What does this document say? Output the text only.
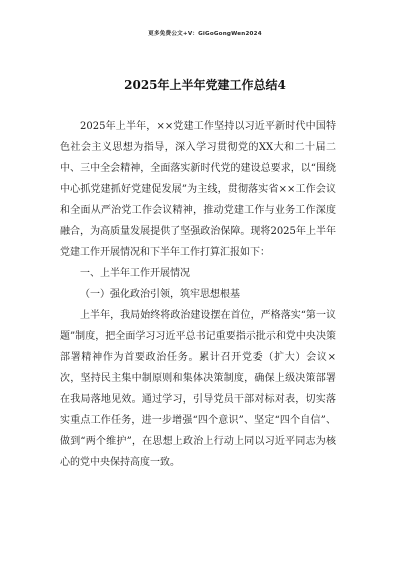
更多免费公文+V：GiGoGongWen2024
2025年上半年党建工作总结4

2025年上半年，××党建工作坚持以习近平新时代中国特色社会主义思想为指导，深入学习贯彻党的XX大和二十届二中、三中全会精神，全面落实新时代党的建设总要求，以“围绕中心抓党建抓好党建促发展”为主线，贯彻落实省××工作会议和全面从严治党工作会议精神，推动党建工作与业务工作深度融合，为高质量发展提供了坚强政治保障。现将2025年上半年党建工作开展情况和下半年工作打算汇报如下：

一、上半年工作开展情况
（一）强化政治引领，筑牢思想根基

上半年，我局始终将政治建设摆在首位，严格落实“第一议题”制度，把全面学习习近平总书记重要指示批示和党中央决策部署精神作为首要政治任务。累计召开党委（扩大）会议×次，坚持民主集中制原则和集体决策制度，确保上级决策部署在我局落地见效。通过学习，引导党员干部对标对表，切实落实重点工作任务，进一步增强“四个意识”、坚定“四个自信”、做到“两个维护”，在思想上政治上行动上同以习近平同志为核心的党中央保持高度一致。
